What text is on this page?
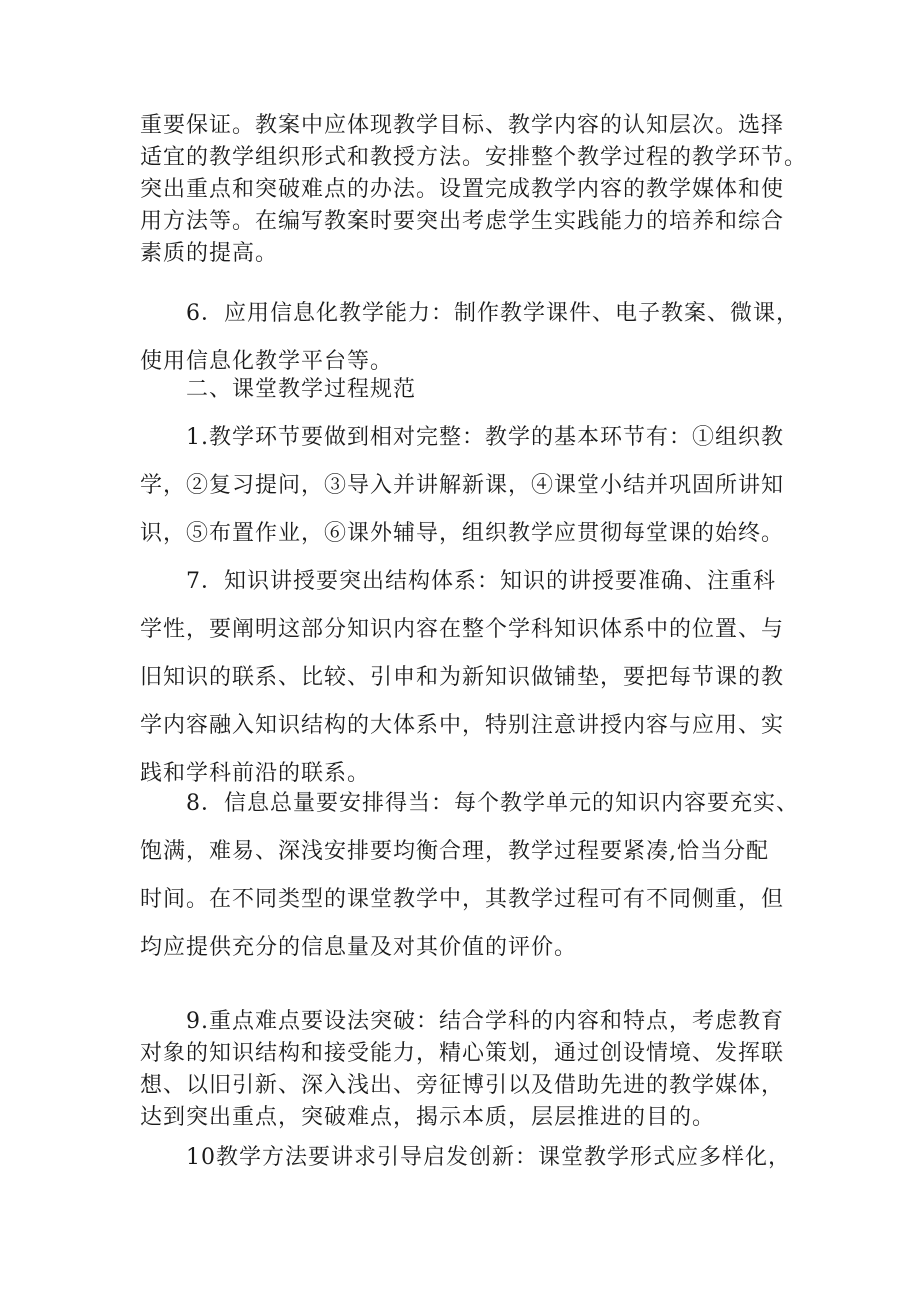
重要保证。教案中应体现教学目标、教学内容的认知层次。选择
适宜的教学组织形式和教授方法。安排整个教学过程的教学环节。
突出重点和突破难点的办法。设置完成教学内容的教学媒体和使
用方法等。在编写教案时要突出考虑学生实践能力的培养和综合
素质的提高。
6．应用信息化教学能力：制作教学课件、电子教案、微课，
使用信息化教学平台等。
二、课堂教学过程规范
1.教学环节要做到相对完整：教学的基本环节有：①组织教
学，②复习提问，③导入并讲解新课，④课堂小结并巩固所讲知
识，⑤布置作业，⑥课外辅导，组织教学应贯彻每堂课的始终。
7．知识讲授要突出结构体系：知识的讲授要准确、注重科
学性，要阐明这部分知识内容在整个学科知识体系中的位置、与
旧知识的联系、比较、引申和为新知识做铺垫，要把每节课的教
学内容融入知识结构的大体系中，特别注意讲授内容与应用、实
践和学科前沿的联系。
8．信息总量要安排得当：每个教学单元的知识内容要充实、
饱满，难易、深浅安排要均衡合理，教学过程要紧凑,恰当分配
时间。在不同类型的课堂教学中，其教学过程可有不同侧重，但
均应提供充分的信息量及对其价值的评价。
9.重点难点要设法突破：结合学科的内容和特点，考虑教育
对象的知识结构和接受能力，精心策划，通过创设情境、发挥联
想、以旧引新、深入浅出、旁征博引以及借助先进的教学媒体，
达到突出重点，突破难点，揭示本质，层层推进的目的。
10教学方法要讲求引导启发创新：课堂教学形式应多样化，
